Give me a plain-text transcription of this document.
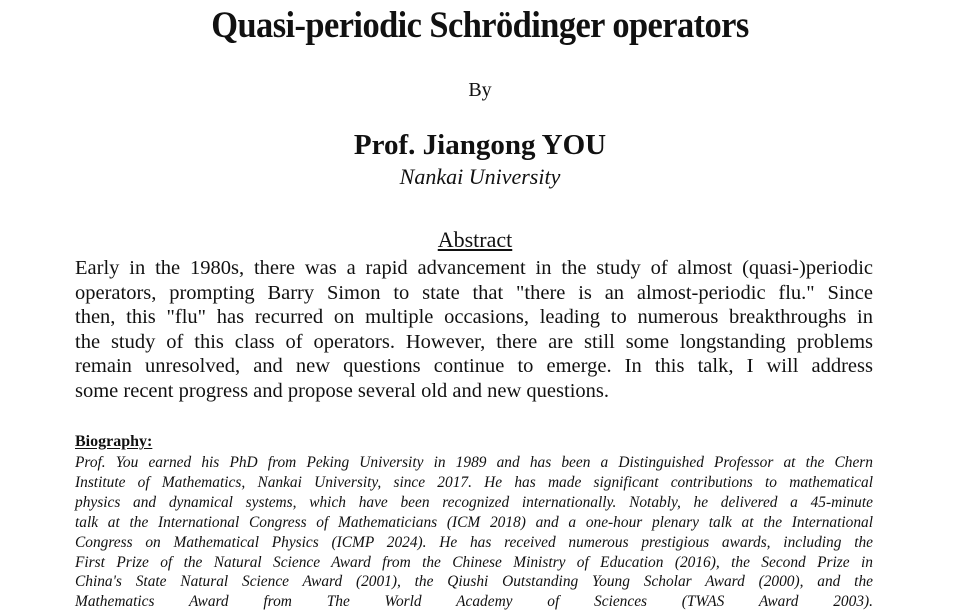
Quasi-periodic Schrödinger operators
By
Prof. Jiangong YOU
Nankai University
Abstract
Early in the 1980s, there was a rapid advancement in the study of almost (quasi-)periodic
operators, prompting Barry Simon to state that "there is an almost-periodic flu." Since
then, this "flu" has recurred on multiple occasions, leading to numerous breakthroughs in
the study of this class of operators. However, there are still some longstanding problems
remain unresolved, and new questions continue to emerge. In this talk, I will address
some recent progress and propose several old and new questions.
Biography:
Prof. You earned his PhD from Peking University in 1989 and has been a Distinguished Professor at the Chern
Institute of Mathematics, Nankai University, since 2017. He has made significant contributions to mathematical
physics and dynamical systems, which have been recognized internationally. Notably, he delivered a 45-minute
talk at the International Congress of Mathematicians (ICM 2018) and a one-hour plenary talk at the International
Congress on Mathematical Physics (ICMP 2024). He has received numerous prestigious awards, including the
First Prize of the Natural Science Award from the Chinese Ministry of Education (2016), the Second Prize in
China's State Natural Science Award (2001), the Qiushi Outstanding Young Scholar Award (2000), and the
Mathematics Award from The World Academy of Sciences (TWAS Award 2003).
